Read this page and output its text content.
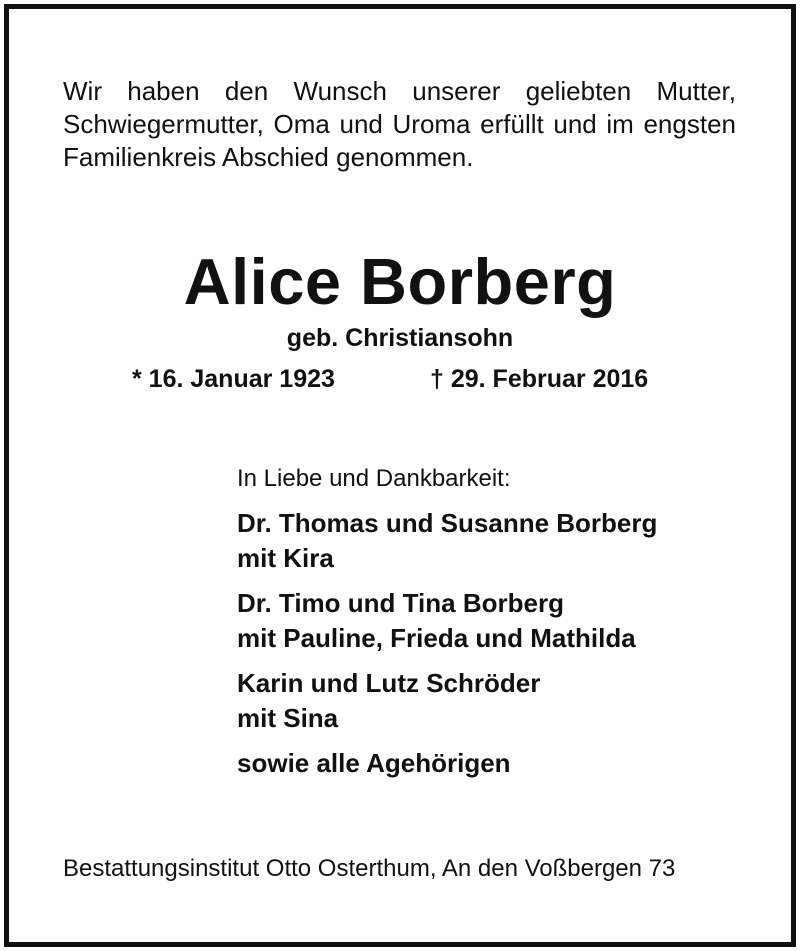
Wir haben den Wunsch unserer geliebten Mutter, Schwiegermutter, Oma und Uroma erfüllt und im engsten Familienkreis Abschied genommen.
Alice Borberg
geb. Christiansohn
* 16. Januar 1923	† 29. Februar 2016
In Liebe und Dankbarkeit:
Dr. Thomas und Susanne Borberg
mit Kira
Dr. Timo und Tina Borberg
mit Pauline, Frieda und Mathilda
Karin und Lutz Schröder
mit Sina
sowie alle Agehörigen
Bestattungsinstitut Otto Osterthum, An den Voßbergen 73
